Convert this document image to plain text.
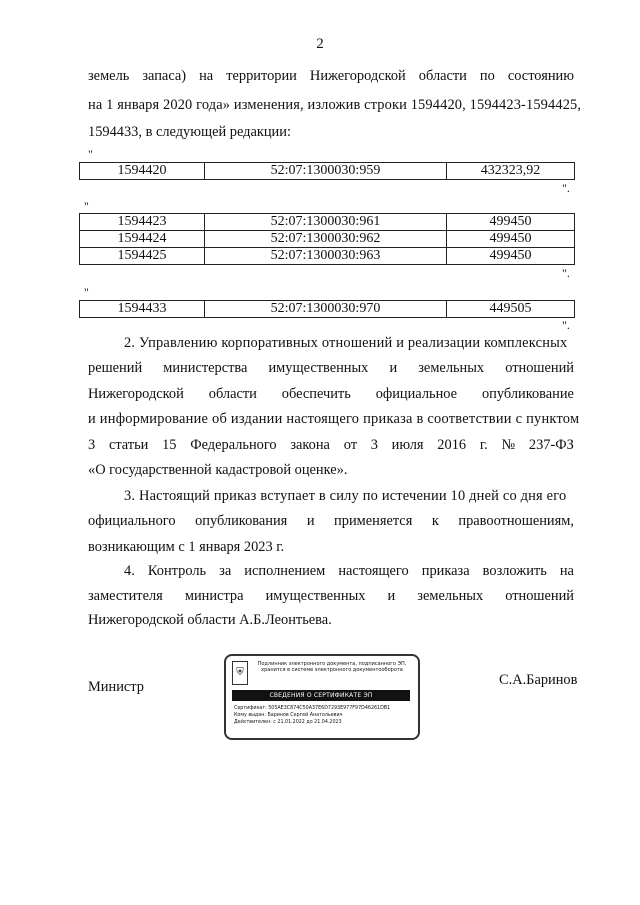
2
земель запаса) на территории Нижегородской области по состоянию
на 1 января 2020 года» изменения, изложив строки 1594420, 1594423-1594425,
1594433, в следующей редакции:
"
1594420	52:07:1300030:959	432323,92
".
"
1594423	52:07:1300030:961	499450
1594424	52:07:1300030:962	499450
1594425	52:07:1300030:963	499450
".
"
1594433	52:07:1300030:970	449505
".
2. Управлению корпоративных отношений и реализации комплексных
решений министерства имущественных и земельных отношений
Нижегородской области обеспечить официальное опубликование
и информирование об издании настоящего приказа в соответствии с пунктом
3 статьи 15 Федерального закона от 3 июля 2016 г. № 237-ФЗ
«О государственной кадастровой оценке».
3. Настоящий приказ вступает в силу по истечении 10 дней со дня его
официального опубликования и применяется к правоотношениям,
возникающим с 1 января 2023 г.
4. Контроль за исполнением настоящего приказа возложить на
заместителя министра имущественных и земельных отношений
Нижегородской области А.Б.Леонтьева.
Министр	С.А.Баринов
⛨
Подлинник электронного документа, подписанного ЭП,
хранится в системе электронного документооборота
СВЕДЕНИЯ О СЕРТИФИКАТЕ ЭП
Сертификат: 505AE3C874C50A37E6D7293E977F97D46261DB1
Кому выдан: Баринов Сергей Анатольевич
Действителен: с 21.01.2022 до 21.04.2023
